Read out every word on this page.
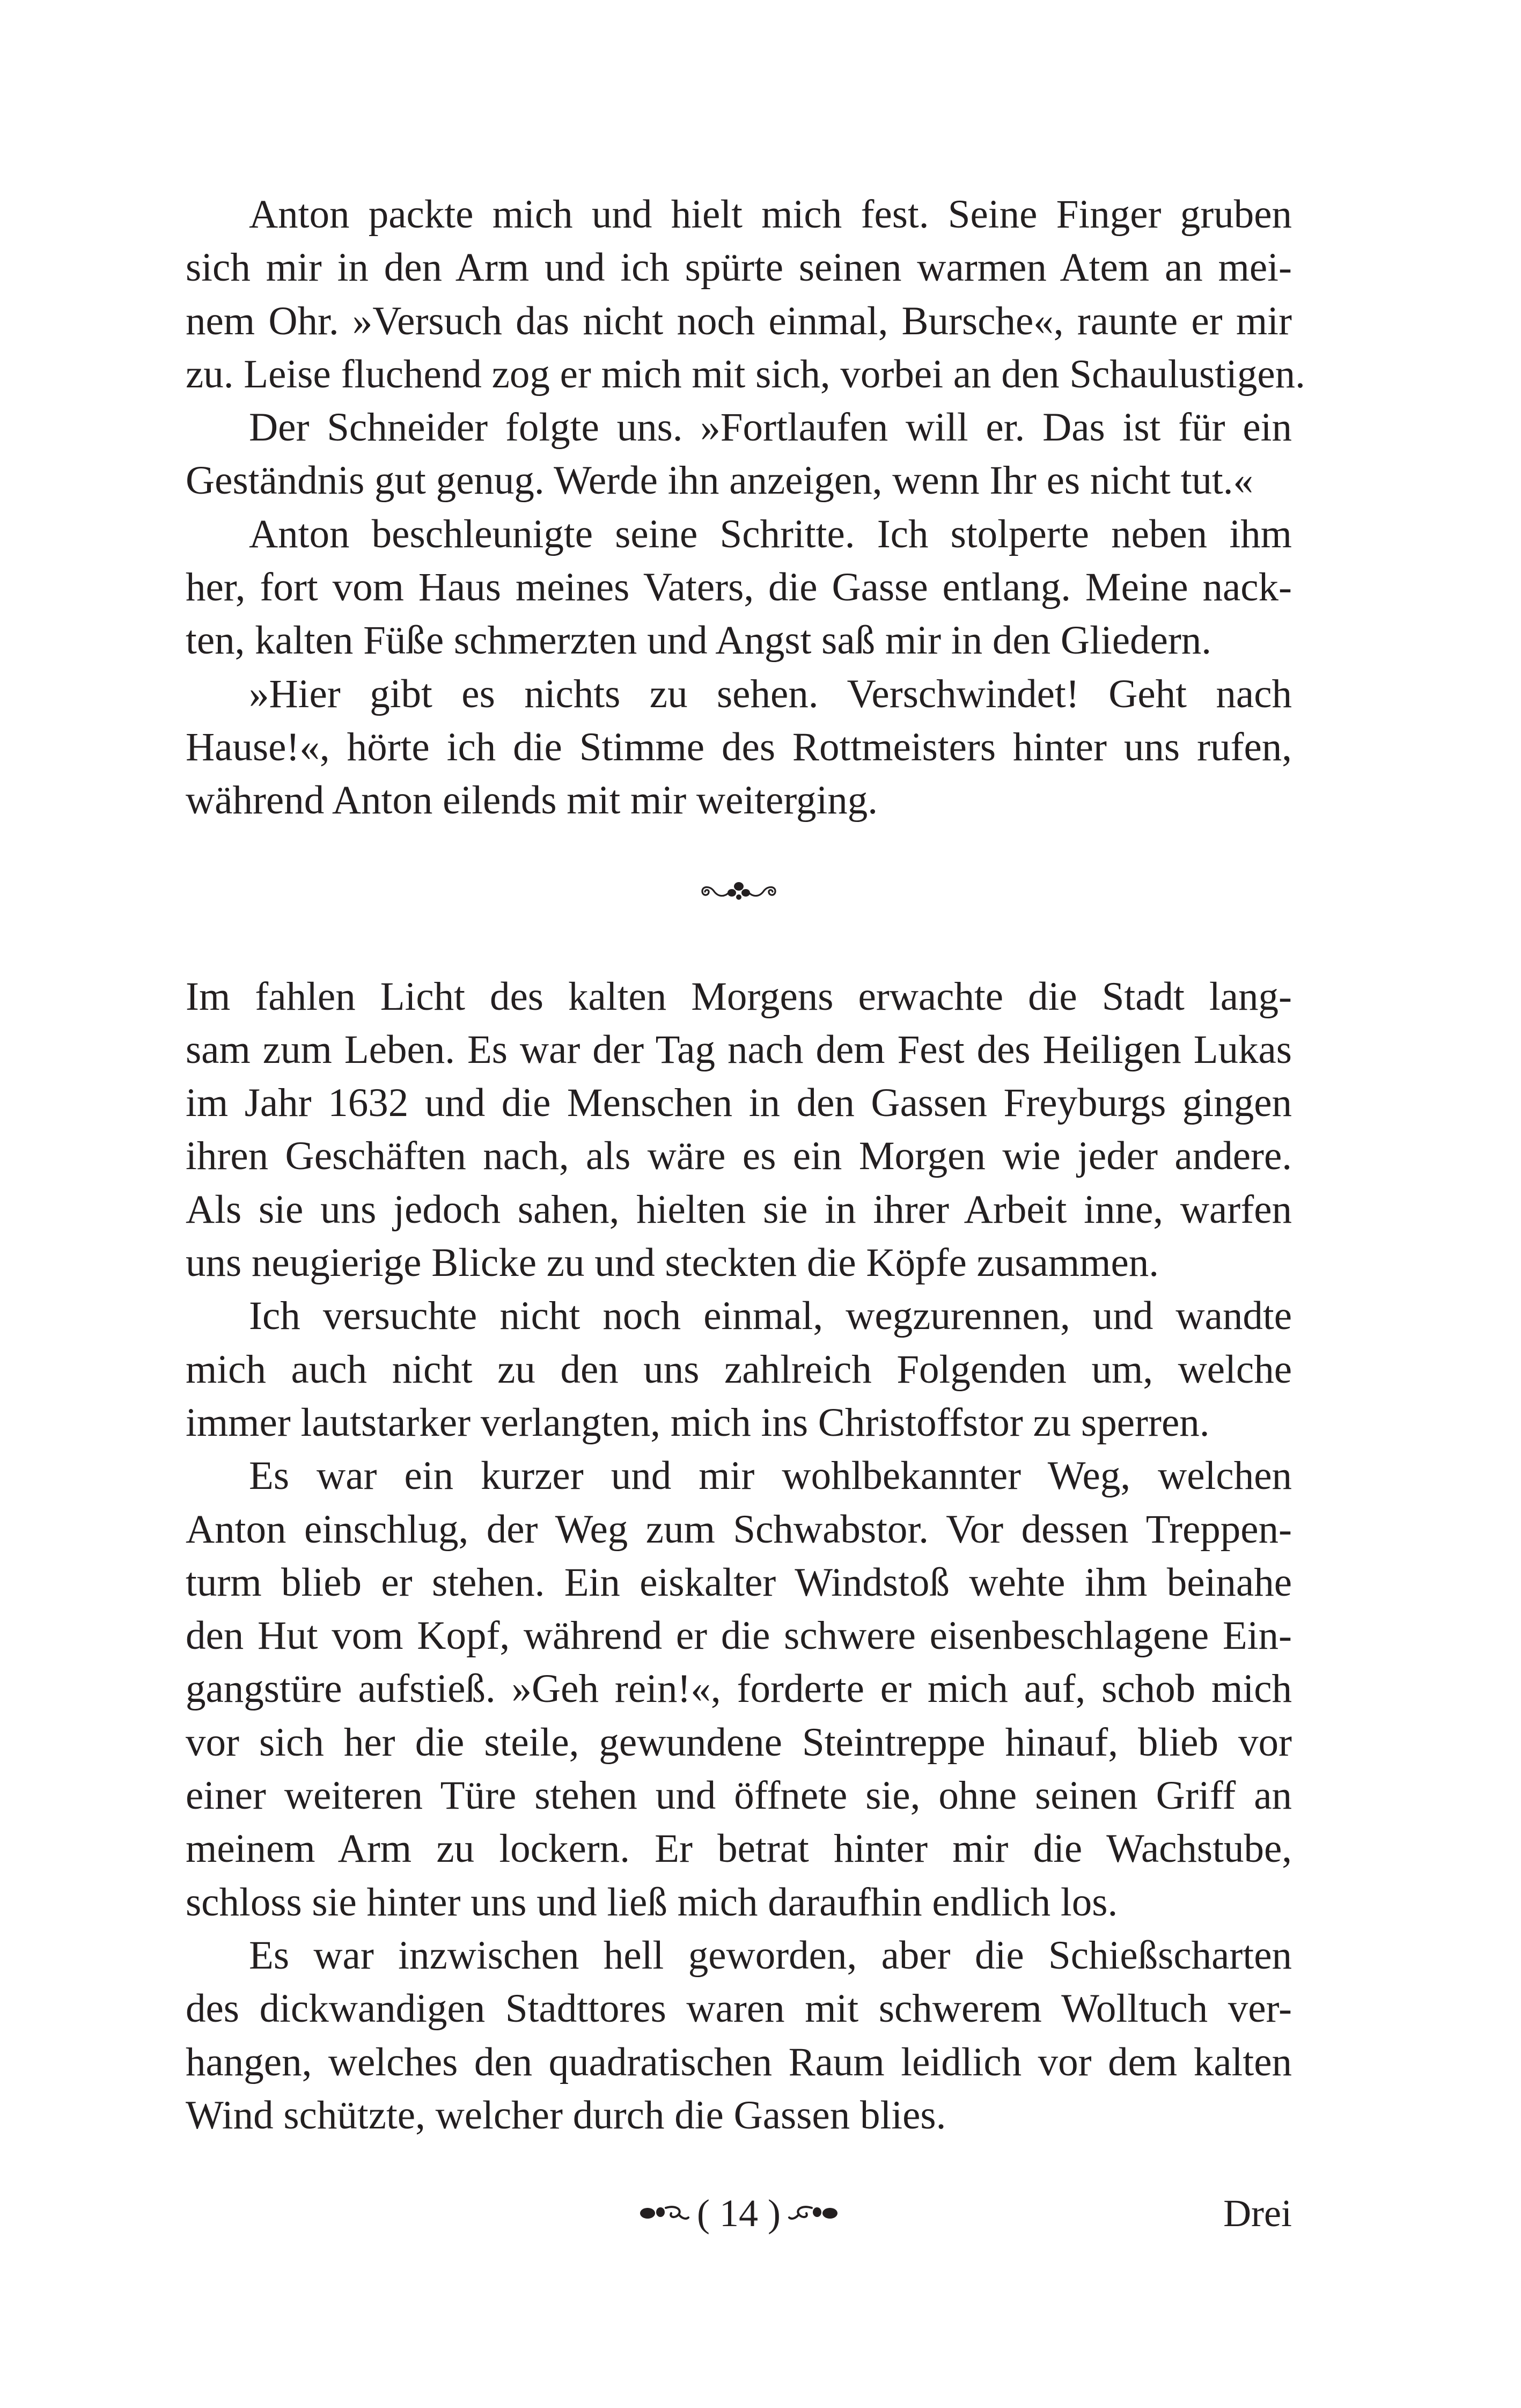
Anton packte mich und hielt mich fest. Seine Finger gruben
sich mir in den Arm und ich spürte seinen warmen Atem an mei-
nem Ohr. »Versuch das nicht noch einmal, Bursche«, raunte er mir
zu. Leise fluchend zog er mich mit sich, vorbei an den Schaulustigen.
Der Schneider folgte uns. »Fortlaufen will er. Das ist für ein
Geständnis gut genug. Werde ihn anzeigen, wenn Ihr es nicht tut.«
Anton beschleunigte seine Schritte. Ich stolperte neben ihm
her, fort vom Haus meines Vaters, die Gasse entlang. Meine nack-
ten, kalten Füße schmerzten und Angst saß mir in den Gliedern.
»Hier gibt es nichts zu sehen. Verschwindet! Geht nach
Hause!«, hörte ich die Stimme des Rottmeisters hinter uns rufen,
während Anton eilends mit mir weiterging.
Im fahlen Licht des kalten Morgens erwachte die Stadt lang-
sam zum Leben. Es war der Tag nach dem Fest des Heiligen Lukas
im Jahr 1632 und die Menschen in den Gassen Freyburgs gingen
ihren Geschäften nach, als wäre es ein Morgen wie jeder andere.
Als sie uns jedoch sahen, hielten sie in ihrer Arbeit inne, warfen
uns neugierige Blicke zu und steckten die Köpfe zusammen.
Ich versuchte nicht noch einmal, wegzurennen, und wandte
mich auch nicht zu den uns zahlreich Folgenden um, welche
immer lautstarker verlangten, mich ins Christoffstor zu sperren.
Es war ein kurzer und mir wohlbekannter Weg, welchen
Anton einschlug, der Weg zum Schwabstor. Vor dessen Treppen-
turm blieb er stehen. Ein eiskalter Windstoß wehte ihm beinahe
den Hut vom Kopf, während er die schwere eisenbeschlagene Ein-
gangstüre aufstieß. »Geh rein!«, forderte er mich auf, schob mich
vor sich her die steile, gewundene Steintreppe hinauf, blieb vor
einer weiteren Türe stehen und öffnete sie, ohne seinen Griff an
meinem Arm zu lockern. Er betrat hinter mir die Wachstube,
schloss sie hinter uns und ließ mich daraufhin endlich los.
Es war inzwischen hell geworden, aber die Schießscharten
des dickwandigen Stadttores waren mit schwerem Wolltuch ver-
hangen, welches den quadratischen Raum leidlich vor dem kalten
Wind schützte, welcher durch die Gassen blies.
( 14 )	Drei
